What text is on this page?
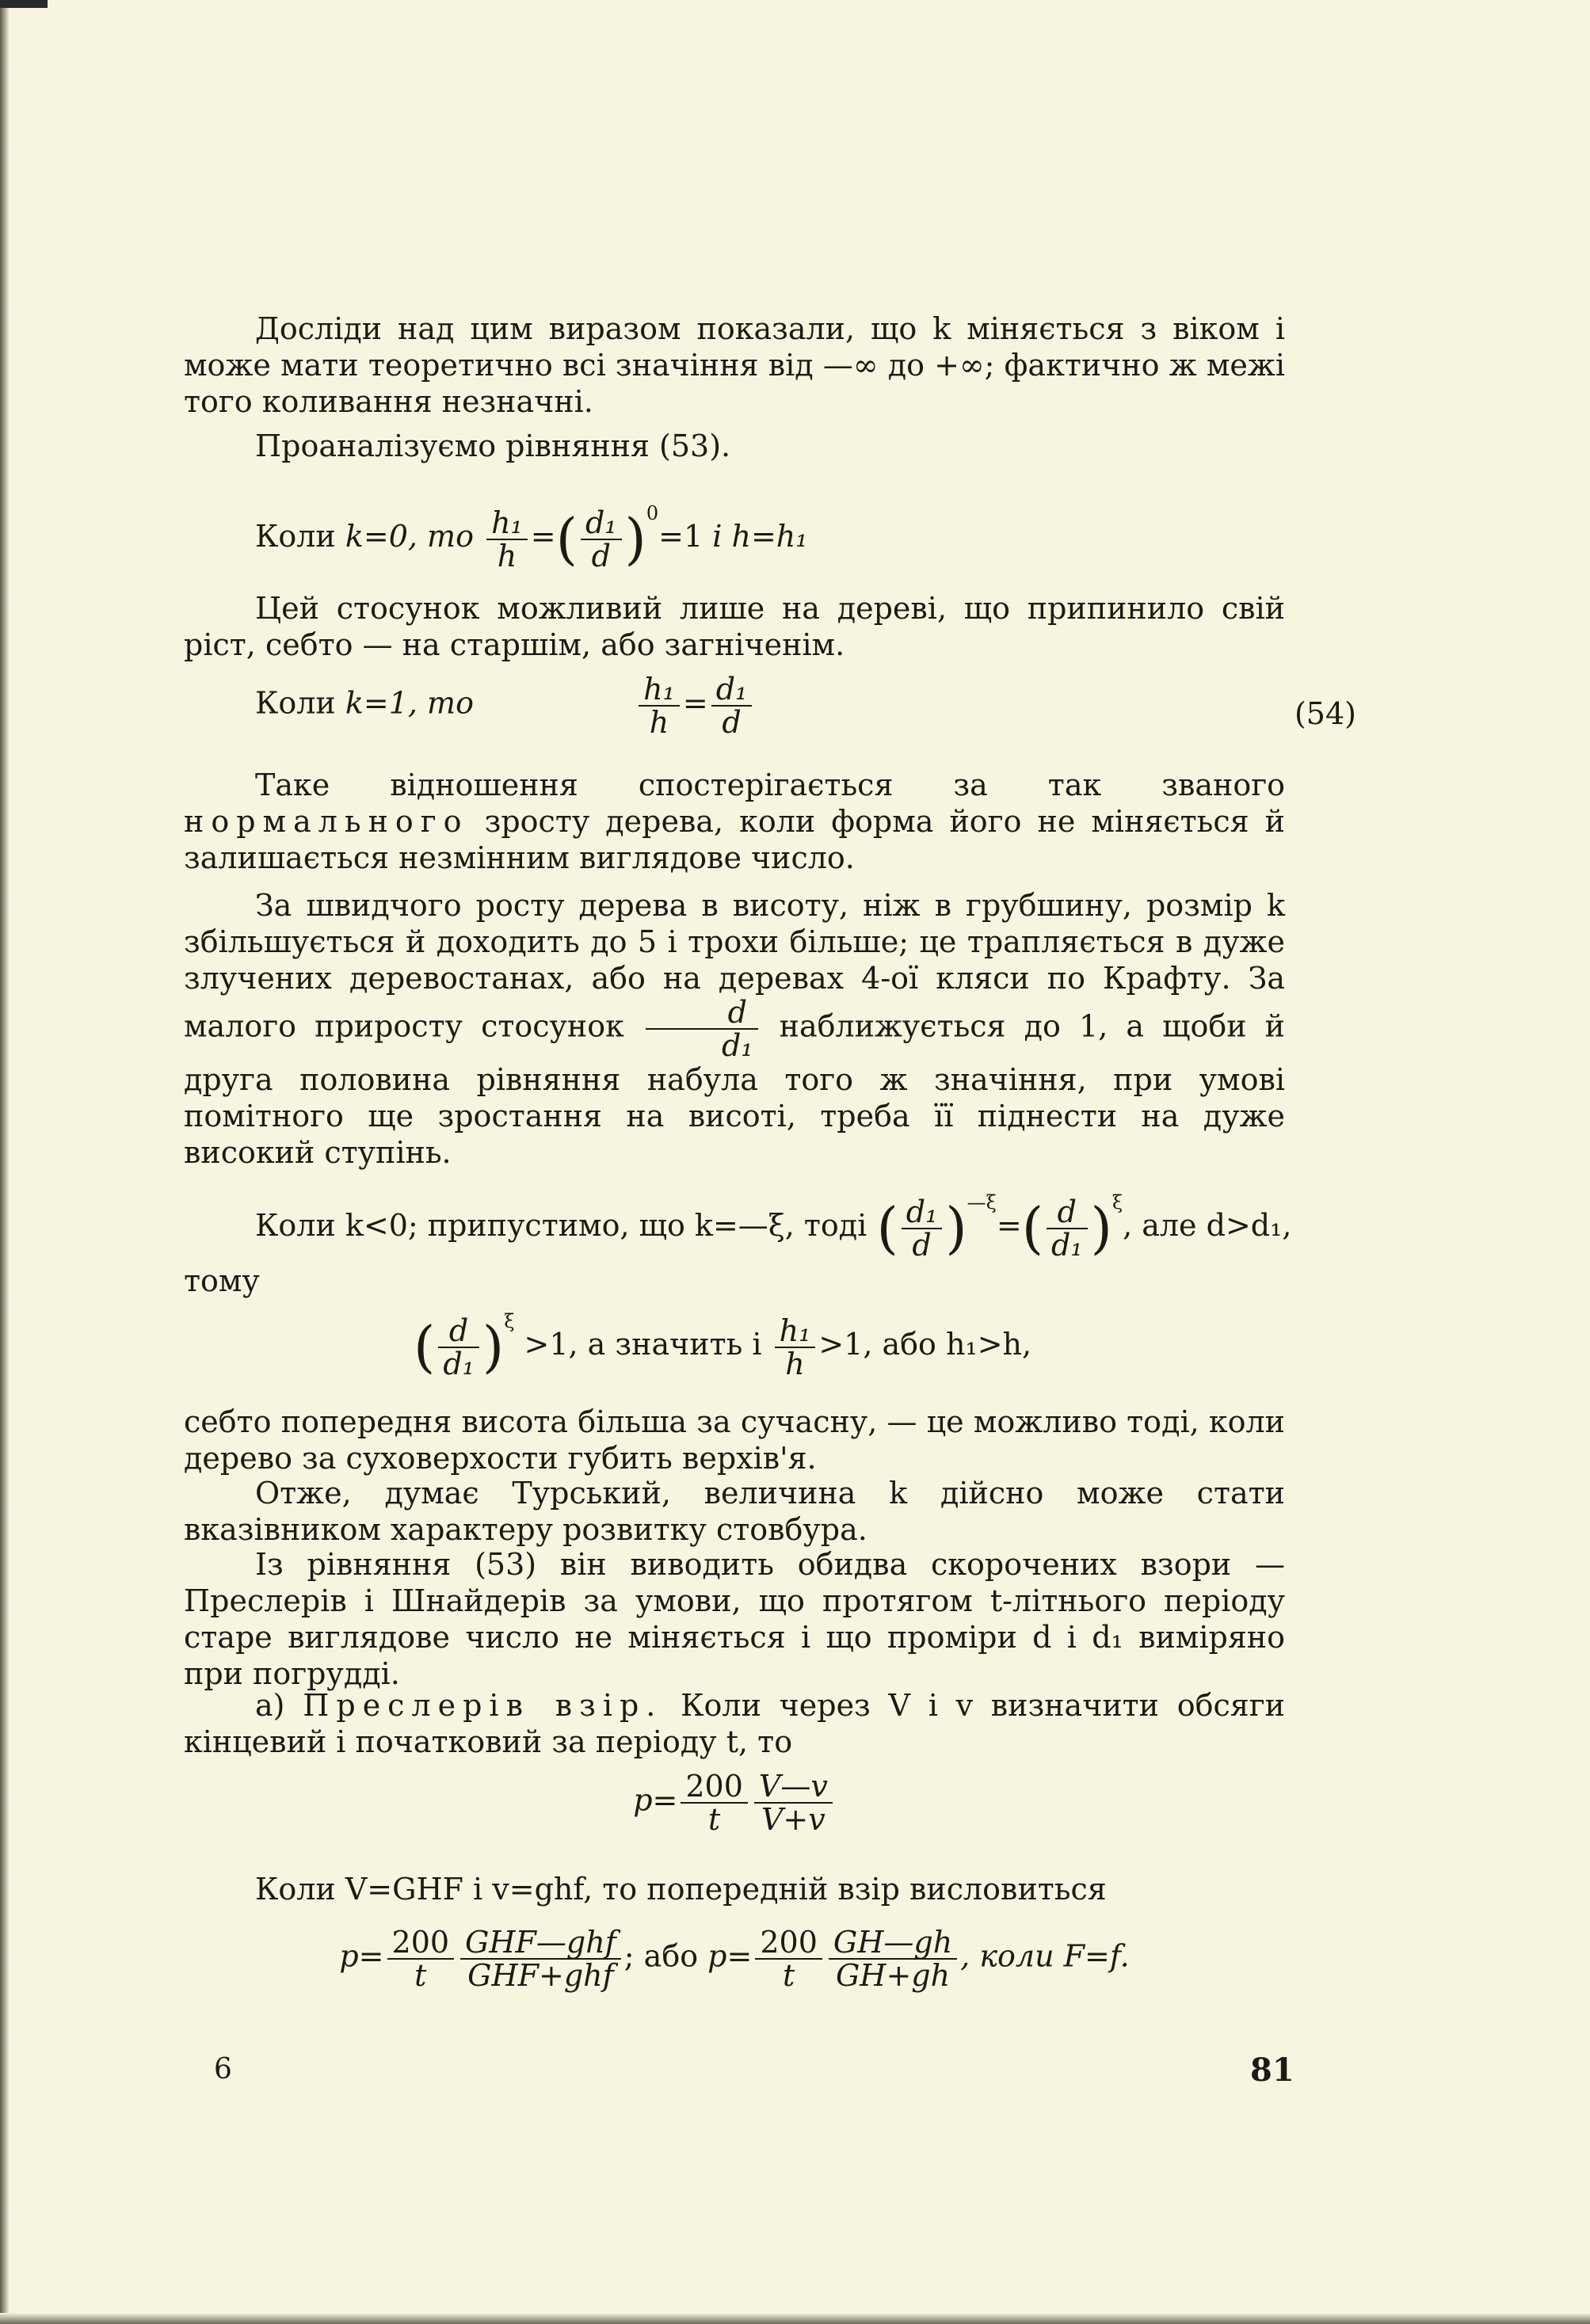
Досліди над цим виразом показали, що k міняється з віком і може мати теоретично всі значіння від —∞ до +∞; фактично ж межі того коливання незначні.

Проаналізуємо рівняння (53).

Коли k=0, то $\frac{\text{h₁}}{h}$ =( $\frac{\text{d₁}}{d} )^0=1$ і h=h₁

Цей стосунок можливий лише на дереві, що припинило свій ріст, себто — на старшім, або загніченім.

Коли k=1, то	$\frac{\text{h₁}}{h} = \frac{\text{d₁}}{d}$	(54)

Таке відношення спостерігається за так званого нормального зросту дерева, коли форма його не міняється й залишається незмінним виглядове число.

За швидчого росту дерева в висоту, ніж в грубшину, розмір k збільшується й доходить до 5 і трохи більше; це трапляється в дуже злучених деревостанах, або на деревах 4-ої кляси по Крафту. За малого приросту стосунок $\frac{d}{\text{d₁}}$ наближується до 1, а щоби й друга половина рівняння набула того ж значіння, при умові помітного ще зростання на висоті, треба її піднести на дуже високий ступінь.

Коли k<0; припустимо, що k=—ξ, тоді ( $\frac{\text{d₁}}{d} )^{—\xi}=( \frac{d}{\text{d₁}} )^\xi$, але d>d₁,

тому

( $\frac{d}{\text{d₁}} )^\xi >1$, а значить і $\frac{\text{h₁}}{h} >1$, або h₁>h,

себто попередня висота більша за сучасну, — це можливо тоді, коли дерево за суховерхости губить верхів'я.

Отже, думає Турський, величина k дійсно може стати вказівником характеру розвитку стовбура.

Із рівняння (53) він виводить обидва скорочених взори — Преслерів і Шнайдерів за умови, що протягом t-літнього періоду старе виглядове число не міняється і що проміри d і d₁ виміряно при погрудді.

а) Преслерів взір. Коли через V і v визначити обсяги кінцевий і початковий за періоду t, то

$p= \frac{200}{t} \frac{V—v}{V+v}$

Коли V=GHF і v=ghf, то попередній взір висловиться

$p= \frac{200}{t} \frac{\text{GHF—ghf}}{\text{GHF+ghf}}$ ; або $p= \frac{200}{t} \frac{GH—gh}{GH+gh}$ , коли F=f.
6	81
